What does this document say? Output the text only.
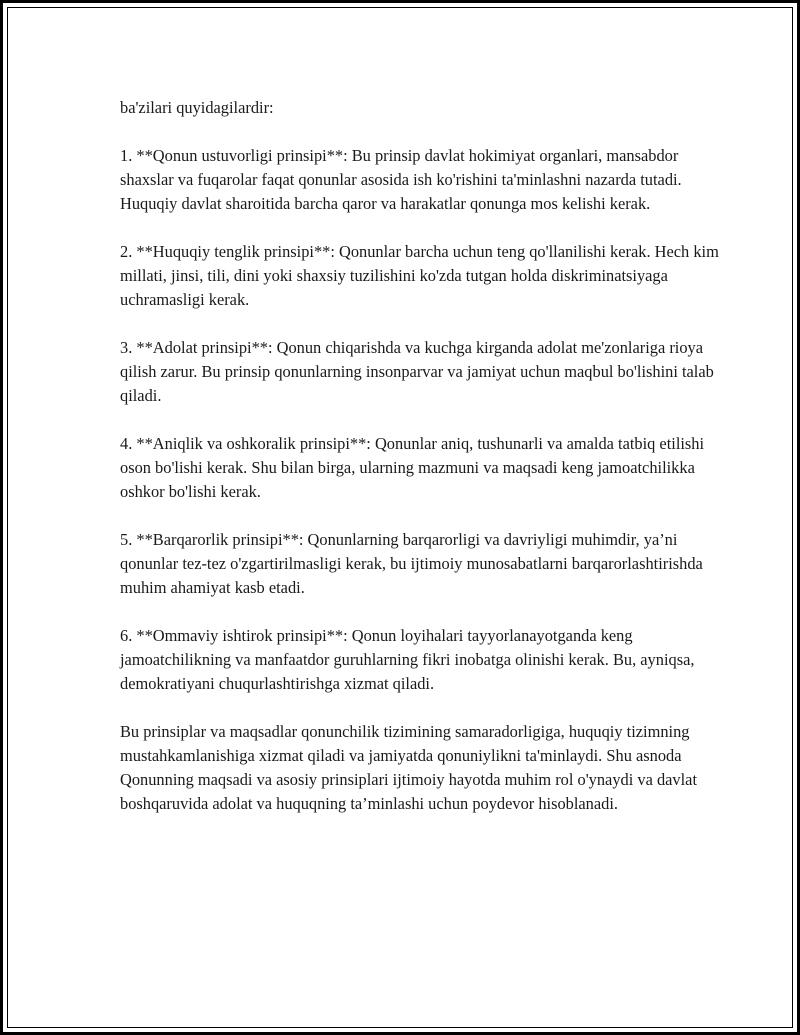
ba'zilari quyidagilardir:

1. **Qonun ustuvorligi prinsipi**: Bu prinsip davlat hokimiyat organlari, mansabdor shaxslar va fuqarolar faqat qonunlar asosida ish ko'rishini ta'minlashni nazarda tutadi. Huquqiy davlat sharoitida barcha qaror va harakatlar qonunga mos kelishi kerak.

2. **Huquqiy tenglik prinsipi**: Qonunlar barcha uchun teng qo'llanilishi kerak. Hech kim millati, jinsi, tili, dini yoki shaxsiy tuzilishini ko'zda tutgan holda diskriminatsiyaga uchramasligi kerak.

3. **Adolat prinsipi**: Qonun chiqarishda va kuchga kirganda adolat me'zonlariga rioya qilish zarur. Bu prinsip qonunlarning insonparvar va jamiyat uchun maqbul bo'lishini talab qiladi.

4. **Aniqlik va oshkoralik prinsipi**: Qonunlar aniq, tushunarli va amalda tatbiq etilishi oson bo'lishi kerak. Shu bilan birga, ularning mazmuni va maqsadi keng jamoatchilikka oshkor bo'lishi kerak.

5. **Barqarorlik prinsipi**: Qonunlarning barqarorligi va davriyligi muhimdir, ya’ni qonunlar tez-tez o'zgartirilmasligi kerak, bu ijtimoiy munosabatlarni barqarorlashtirishda muhim ahamiyat kasb etadi.

6. **Ommaviy ishtirok prinsipi**: Qonun loyihalari tayyorlanayotganda keng jamoatchilikning va manfaatdor guruhlarning fikri inobatga olinishi kerak. Bu, ayniqsa, demokratiyani chuqurlashtirishga xizmat qiladi.

Bu prinsiplar va maqsadlar qonunchilik tizimining samaradorligiga, huquqiy tizimning mustahkamlanishiga xizmat qiladi va jamiyatda qonuniylikni ta'minlaydi. Shu asnoda Qonunning maqsadi va asosiy prinsiplari ijtimoiy hayotda muhim rol o'ynaydi va davlat boshqaruvida adolat va huquqning ta’minlashi uchun poydevor hisoblanadi.
